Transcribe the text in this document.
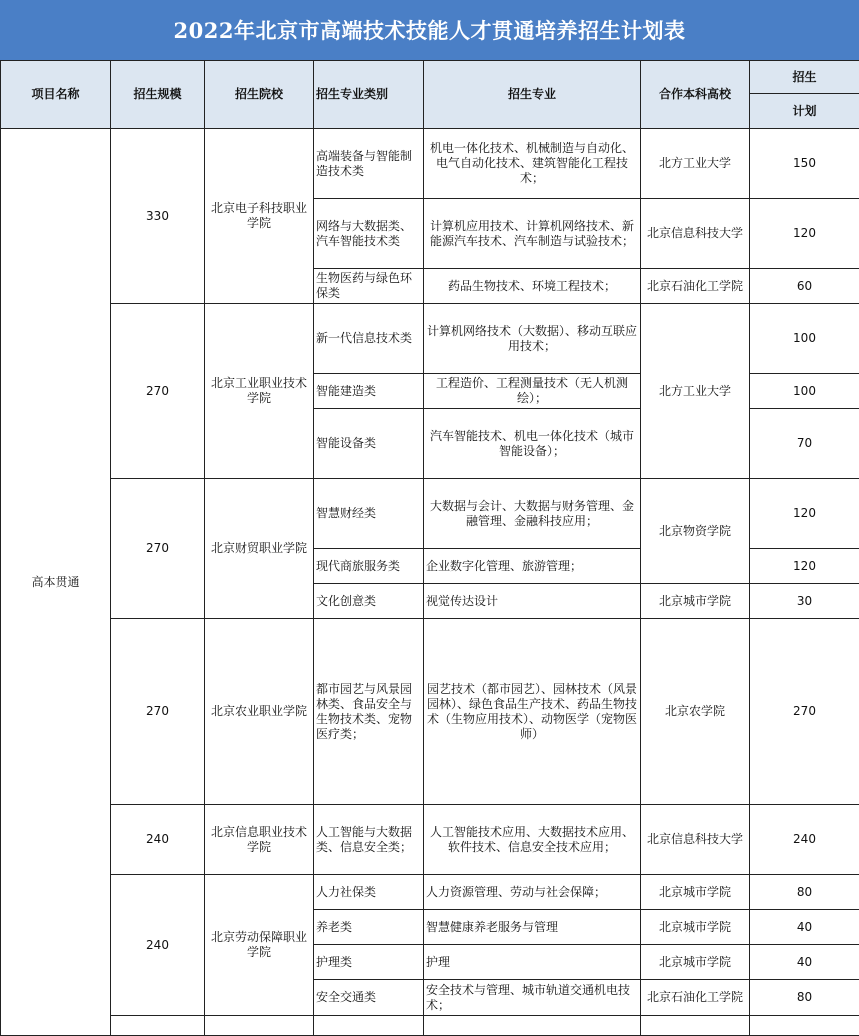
2022年北京市高端技术技能人才贯通培养招生计划表
项目名称	招生规模	招生院校	招生专业类别	招生专业	合作本科高校	招生
						计划
高本贯通	330	北京电子科技职业学院	高端装备与智能制造技术类	机电一体化技术、机械制造与自动化、电气自动化技术、建筑智能化工程技术；	北方工业大学	150
			网络与大数据类、汽车智能技术类	计算机应用技术、计算机网络技术、新能源汽车技术、汽车制造与试验技术；	北京信息科技大学	120
			生物医药与绿色环保类	药品生物技术、环境工程技术；	北京石油化工学院	60
	270	北京工业职业技术学院	新一代信息技术类	计算机网络技术（大数据）、移动互联应用技术；	北方工业大学	100
			智能建造类	工程造价、工程测量技术（无人机测绘）；		100
			智能设备类	汽车智能技术、机电一体化技术（城市智能设备）；		70
	270	北京财贸职业学院	智慧财经类	大数据与会计、大数据与财务管理、金融管理、金融科技应用；	北京物资学院	120
			现代商旅服务类	企业数字化管理、旅游管理；		120
			文化创意类	视觉传达设计	北京城市学院	30
	270	北京农业职业学院	都市园艺与风景园林类、食品安全与生物技术类、宠物医疗类；	园艺技术（都市园艺）、园林技术（风景园林）、绿色食品生产技术、药品生物技术（生物应用技术）、动物医学（宠物医师）	北京农学院	270
	240	北京信息职业技术学院	人工智能与大数据类、信息安全类；	人工智能技术应用、大数据技术应用、软件技术、信息安全技术应用；	北京信息科技大学	240
	240	北京劳动保障职业学院	人力社保类	人力资源管理、劳动与社会保障；	北京城市学院	80
			养老类	智慧健康养老服务与管理	北京城市学院	40
			护理类	护理	北京城市学院	40
			安全交通类	安全技术与管理、城市轨道交通机电技术；	北京石油化工学院	80
